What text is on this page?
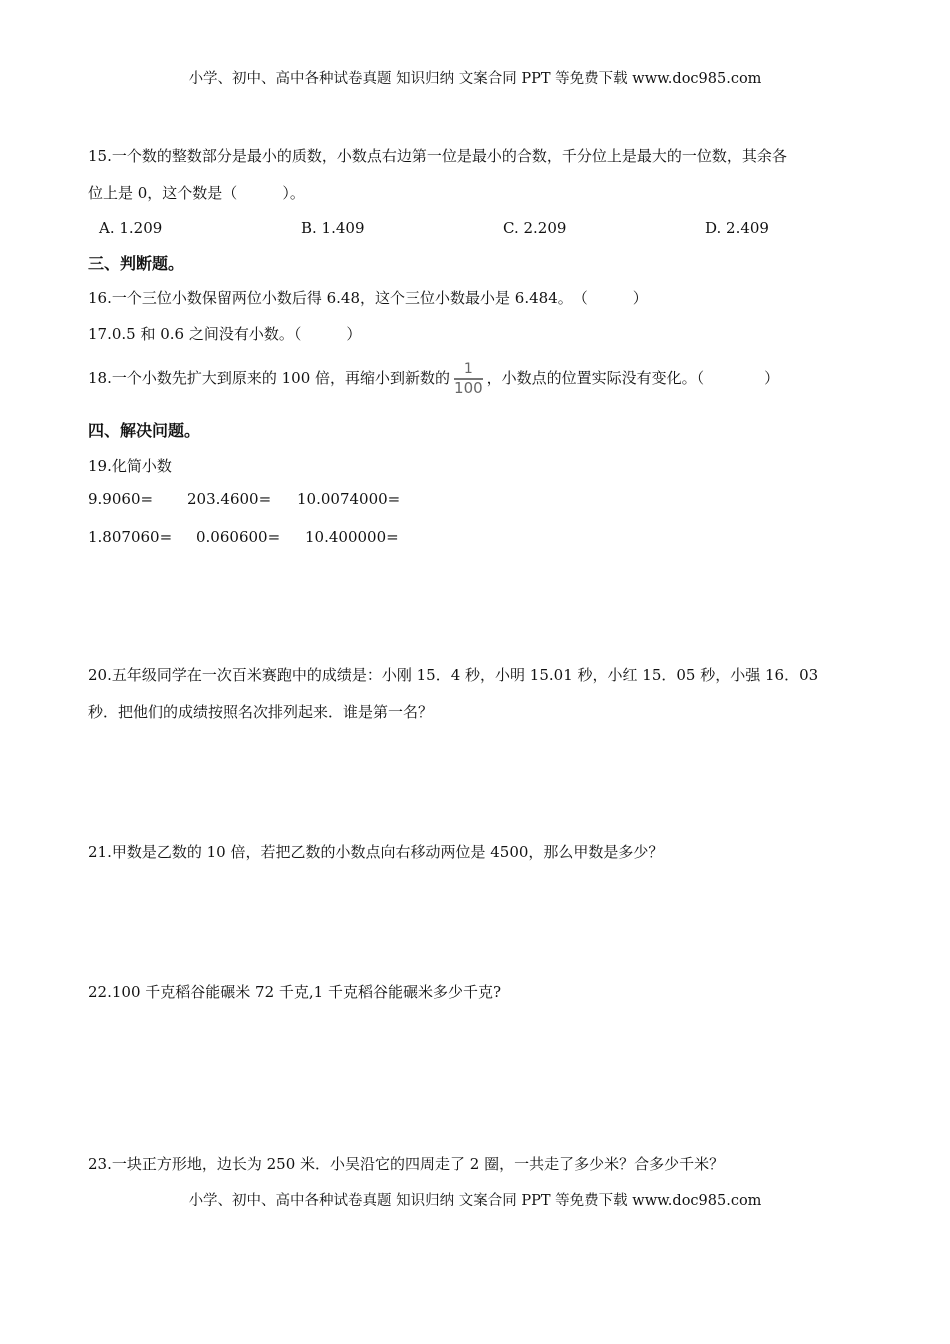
小学、初中、高中各种试卷真题 知识归纳 文案合同 PPT 等免费下载 www.doc985.com
15.一个数的整数部分是最小的质数，小数点右边第一位是最小的合数，千分位上是最大的一位数，其余各
位上是 0，这个数是（　　　）。
A. 1.209	B. 1.409	C. 2.209	D. 2.409
三、判断题。
16.一个三位小数保留两位小数后得 6.48，这个三位小数最小是 6.484。　（　　　）
17.0.5 和 0.6 之间没有小数。（　　　）
18.一个小数先扩大到原来的 100 倍，再缩小到新数的 $\frac{1}{100}$ ，小数点的位置实际没有变化。（　　　　）
四、解决问题。
19.化简小数
9.9060= 203.4600= 10.0074000=
1.807060= 0.060600= 10.400000=
20.五年级同学在一次百米赛跑中的成绩是：小刚 15．4 秒，小明 15.01 秒，小红 15．05 秒，小强 16．03
秒．把他们的成绩按照名次排列起来．谁是第一名？
21.甲数是乙数的 10 倍，若把乙数的小数点向右移动两位是 4500，那么甲数是多少？
22.100 千克稻谷能碾米 72 千克,1 千克稻谷能碾米多少千克?
23.一块正方形地，边长为 250 米．小吴沿它的四周走了 2 圈，一共走了多少米？合多少千米？
小学、初中、高中各种试卷真题 知识归纳 文案合同 PPT 等免费下载 www.doc985.com
